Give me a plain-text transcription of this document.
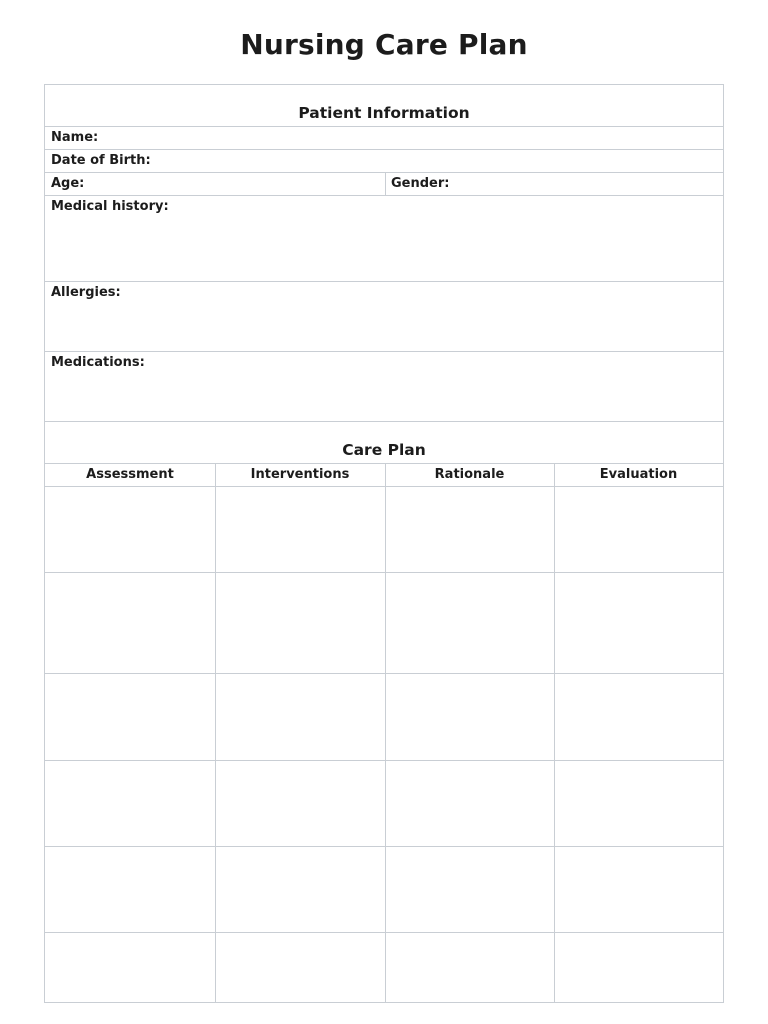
Nursing Care Plan
Patient Information
Name:
Date of Birth:
Age:	Gender:
Medical history:
Allergies:
Medications:
Care Plan
Assessment	Interventions	Rationale	Evaluation
